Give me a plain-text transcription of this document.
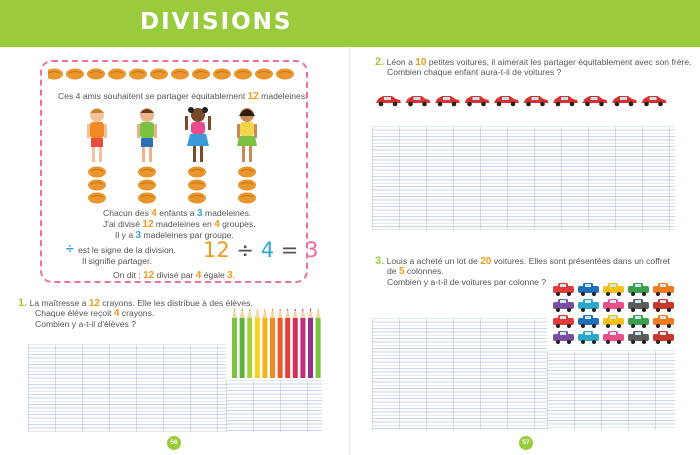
DIVISIONS
Ces 4 amis souhaitent se partager équitablement 12 madeleines.
Chacun des 4 enfants a 3 madeleines.
J'ai divisé 12 madeleines en 4 groupes.
Il y a 3 madeleines par groupe.
÷ est le signe de la division.
Il signifie partager. 12 ÷ 4 = 3
On dit : 12 divisé par 4 égale 3.
1. La maîtresse a 12 crayons. Elle les distribue à des élèves.
Chaque élève reçoit 4 crayons.
Combien y a-t-il d'élèves ?
56
2. Léon a 10 petites voitures, il aimerait les partager équitablement avec son frère.
Combien chaque enfant aura-t-il de voitures ?
3. Louis a acheté un lot de 20 voitures. Elles sont présentées dans un coffret
de 5 colonnes.
Combien y a-t-il de voitures par colonne ?
57
